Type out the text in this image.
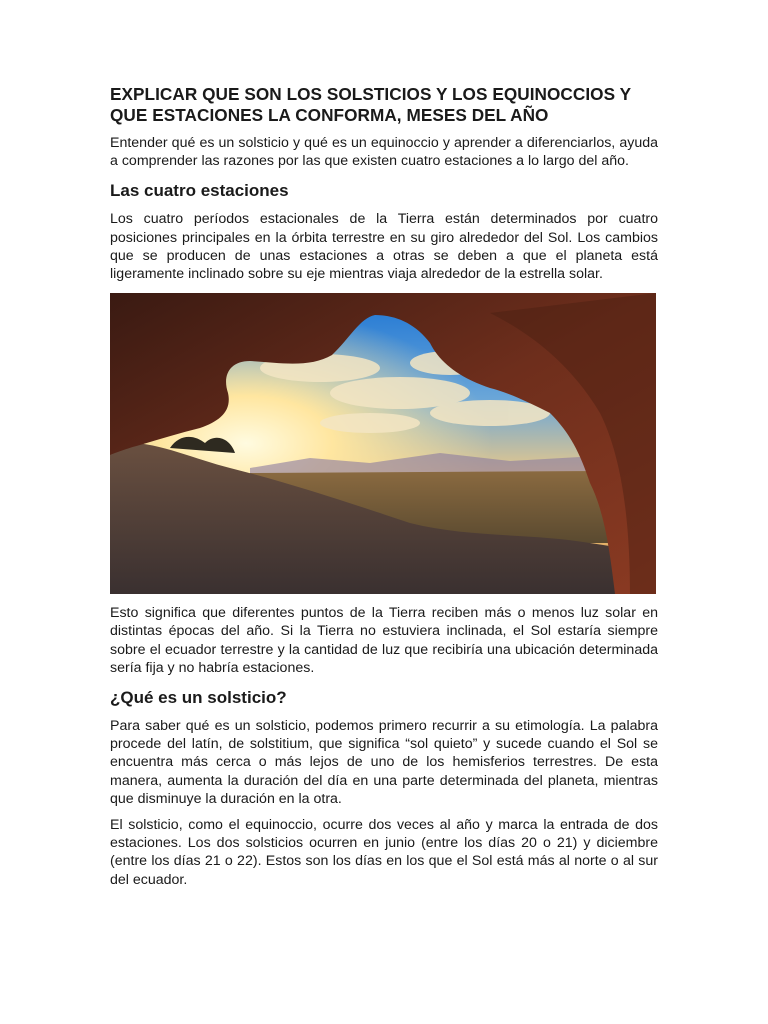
EXPLICAR QUE SON LOS SOLSTICIOS Y LOS EQUINOCCIOS Y QUE ESTACIONES LA CONFORMA, MESES DEL AÑO

Entender qué es un solsticio y qué es un equinoccio y aprender a diferenciarlos, ayuda a comprender las razones por las que existen cuatro estaciones a lo largo del año.

Las cuatro estaciones

Los cuatro períodos estacionales de la Tierra están determinados por cuatro posiciones principales en la órbita terrestre en su giro alrededor del Sol. Los cambios que se producen de unas estaciones a otras se deben a que el planeta está ligeramente inclinado sobre su eje mientras viaja alrededor de la estrella solar.

Esto significa que diferentes puntos de la Tierra reciben más o menos luz solar en distintas épocas del año. Si la Tierra no estuviera inclinada, el Sol estaría siempre sobre el ecuador terrestre y la cantidad de luz que recibiría una ubicación determinada sería fija y no habría estaciones.

¿Qué es un solsticio?

Para saber qué es un solsticio, podemos primero recurrir a su etimología. La palabra procede del latín, de solstitium, que significa “sol quieto” y sucede cuando el Sol se encuentra más cerca o más lejos de uno de los hemisferios terrestres. De esta manera, aumenta la duración del día en una parte determinada del planeta, mientras que disminuye la duración en la otra.

El solsticio, como el equinoccio, ocurre dos veces al año y marca la entrada de dos estaciones. Los dos solsticios ocurren en junio (entre los días 20 o 21) y diciembre (entre los días 21 o 22). Estos son los días en los que el Sol está más al norte o al sur del ecuador.
